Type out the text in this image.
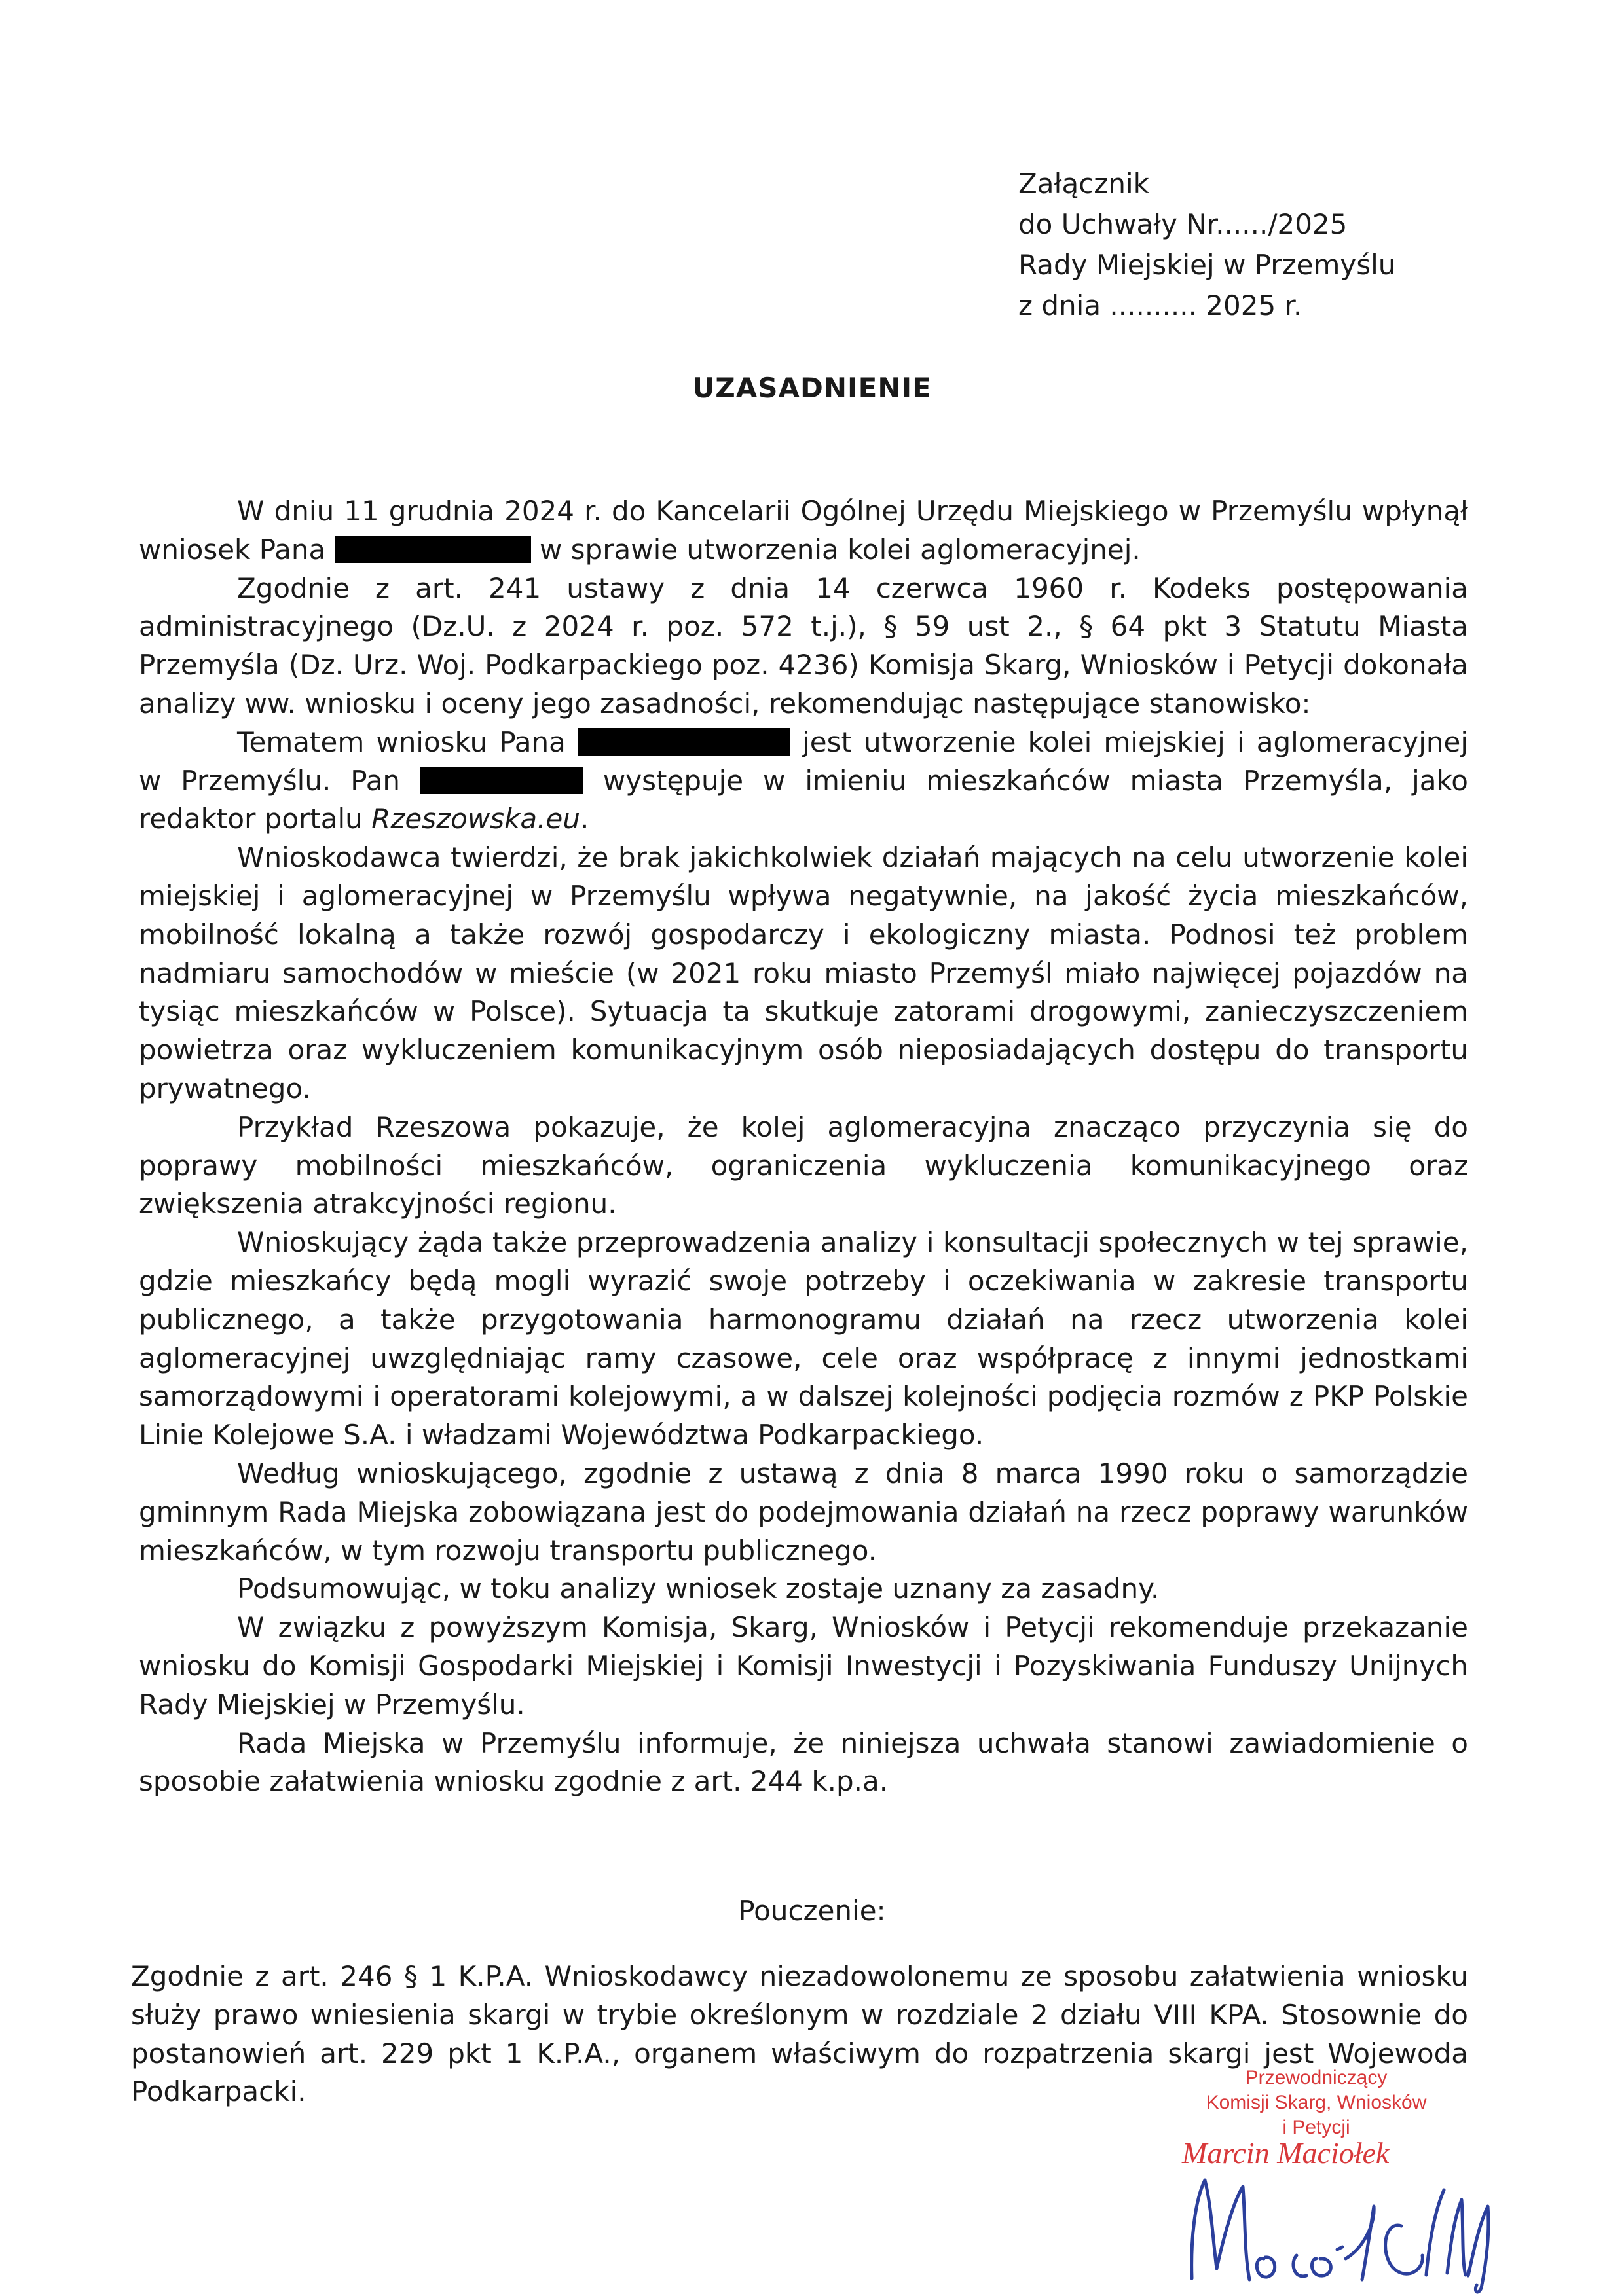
Załącznik
do Uchwały Nr....../2025
Rady Miejskiej w Przemyślu
z dnia .......... 2025 r.
UZASADNIENIE

W dniu 11 grudnia 2024 r. do Kancelarii Ogólnej Urzędu Miejskiego w Przemyślu wpłynął wniosek Pana	w sprawie utworzenia kolei aglomeracyjnej.

Zgodnie z art. 241 ustawy z dnia 14 czerwca 1960 r. Kodeks postępowania administracyjnego (Dz.U. z 2024 r. poz. 572 t.j.), § 59 ust 2., § 64 pkt 3 Statutu Miasta Przemyśla (Dz. Urz. Woj. Podkarpackiego poz. 4236) Komisja Skarg, Wniosków i Petycji dokonała analizy ww. wniosku i oceny jego zasadności, rekomendując następujące stanowisko:

Tematem wniosku Pana	jest utworzenie kolei miejskiej i aglomeracyjnej w Przemyślu. Pan	występuje w imieniu mieszkańców miasta Przemyśla, jako redaktor portalu Rzeszowska.eu.

Wnioskodawca twierdzi, że brak jakichkolwiek działań mających na celu utworzenie kolei miejskiej i aglomeracyjnej w Przemyślu wpływa negatywnie, na jakość życia mieszkańców, mobilność lokalną a także rozwój gospodarczy i ekologiczny miasta. Podnosi też problem nadmiaru samochodów w mieście (w 2021 roku miasto Przemyśl miało najwięcej pojazdów na tysiąc mieszkańców w Polsce). Sytuacja ta skutkuje zatorami drogowymi, zanieczyszczeniem powietrza oraz wykluczeniem komunikacyjnym osób nieposiadających dostępu do transportu prywatnego.

Przykład Rzeszowa pokazuje, że kolej aglomeracyjna znacząco przyczynia się do poprawy mobilności mieszkańców, ograniczenia wykluczenia komunikacyjnego oraz zwiększenia atrakcyjności regionu.

Wnioskujący żąda także przeprowadzenia analizy i konsultacji społecznych w tej sprawie, gdzie mieszkańcy będą mogli wyrazić swoje potrzeby i oczekiwania w zakresie transportu publicznego, a także przygotowania harmonogramu działań na rzecz utworzenia kolei aglomeracyjnej uwzględniając ramy czasowe, cele oraz współpracę z innymi jednostkami samorządowymi i operatorami kolejowymi, a w dalszej kolejności podjęcia rozmów z PKP Polskie Linie Kolejowe S.A. i władzami Województwa Podkarpackiego.

Według wnioskującego, zgodnie z ustawą z dnia 8 marca 1990 roku o samorządzie gminnym Rada Miejska zobowiązana jest do podejmowania działań na rzecz poprawy warunków mieszkańców, w tym rozwoju transportu publicznego.

Podsumowując, w toku analizy wniosek zostaje uznany za zasadny.

W związku z powyższym Komisja, Skarg, Wniosków i Petycji rekomenduje przekazanie wniosku do Komisji Gospodarki Miejskiej i Komisji Inwestycji i Pozyskiwania Funduszy Unijnych Rady Miejskiej w Przemyślu.

Rada Miejska w Przemyślu informuje, że niniejsza uchwała stanowi zawiadomienie o sposobie załatwienia wniosku zgodnie z art. 244 k.p.a.

Pouczenie:

Zgodnie z art. 246 § 1 K.P.A. Wnioskodawcy niezadowolonemu ze sposobu załatwienia wniosku służy prawo wniesienia skargi w trybie określonym w rozdziale 2 działu VIII KPA. Stosownie do postanowień art. 229 pkt 1 K.P.A., organem właściwym do rozpatrzenia skargi jest Wojewoda Podkarpacki.	Przewodniczący
Komisji Skarg, Wniosków
i Petycji
Marcin Maciołek
